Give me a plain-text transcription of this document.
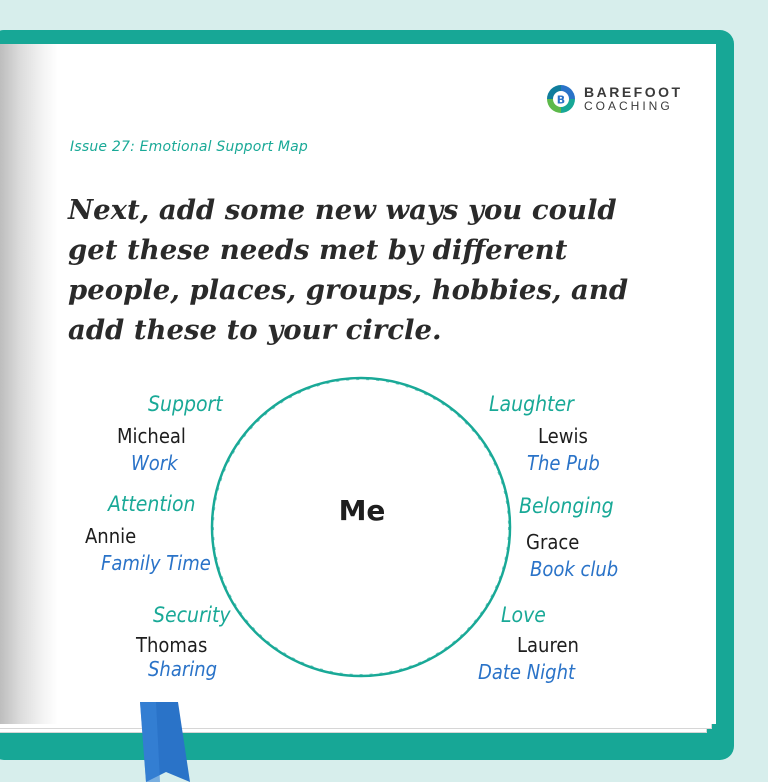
B BAREFOOT
COACHING
Issue 27: Emotional Support Map

Next, add some new ways you could get these needs met by different people, places, groups, hobbies, and add these to your circle.

Me
Support
Micheal
Work
Attention
Annie
Family Time
Security
Thomas
Sharing
Laughter
Lewis
The Pub
Belonging
Grace
Book club
Love
Lauren
Date Night
